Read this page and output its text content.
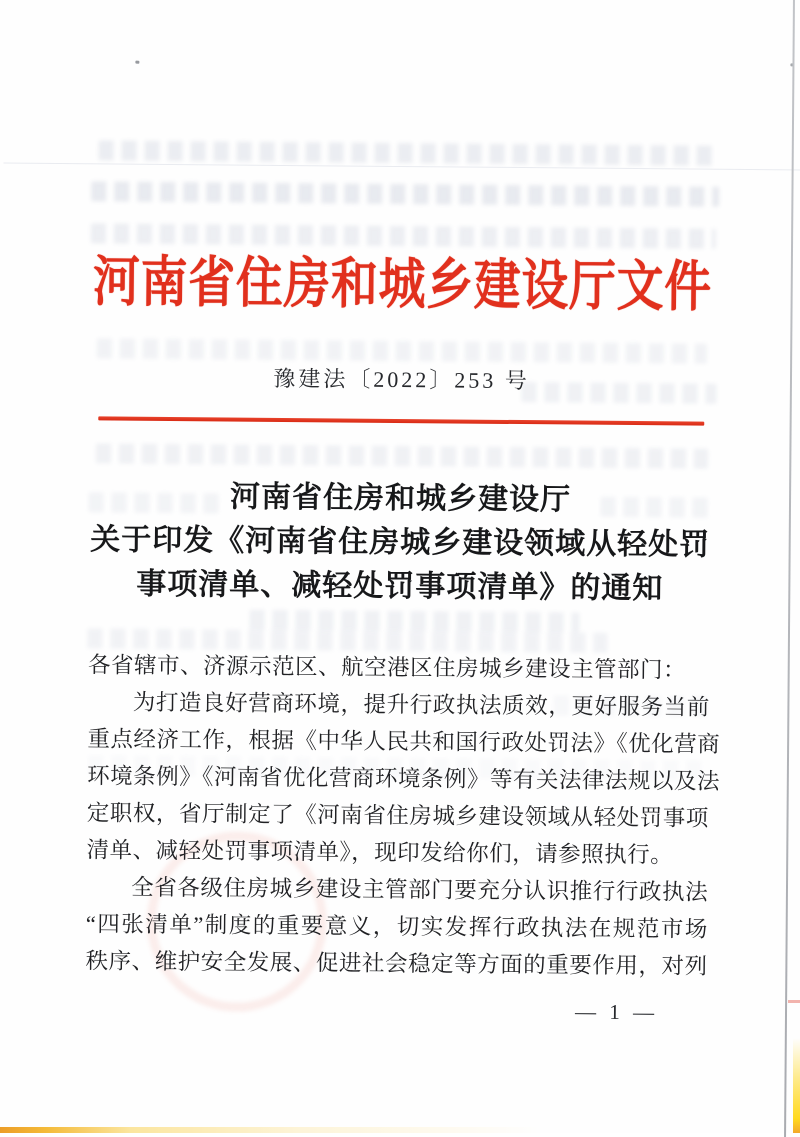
河南省住房和城乡建设厅文件
豫建法〔2022〕253 号
河南省住房和城乡建设厅
关于印发《河南省住房城乡建设领域从轻处罚
事项清单、减轻处罚事项清单》的通知
各省辖市、济源示范区、航空港区住房城乡建设主管部门：
为打造良好营商环境，提升行政执法质效，更好服务当前
重点经济工作，根据《中华人民共和国行政处罚法》《优化营商
环境条例》《河南省优化营商环境条例》等有关法律法规以及法
定职权，省厅制定了《河南省住房城乡建设领域从轻处罚事项
清单、减轻处罚事项清单》，现印发给你们，请参照执行。
全省各级住房城乡建设主管部门要充分认识推行行政执法
“四张清单”制度的重要意义，切实发挥行政执法在规范市场
秩序、维护安全发展、促进社会稳定等方面的重要作用，对列
— 1 —
